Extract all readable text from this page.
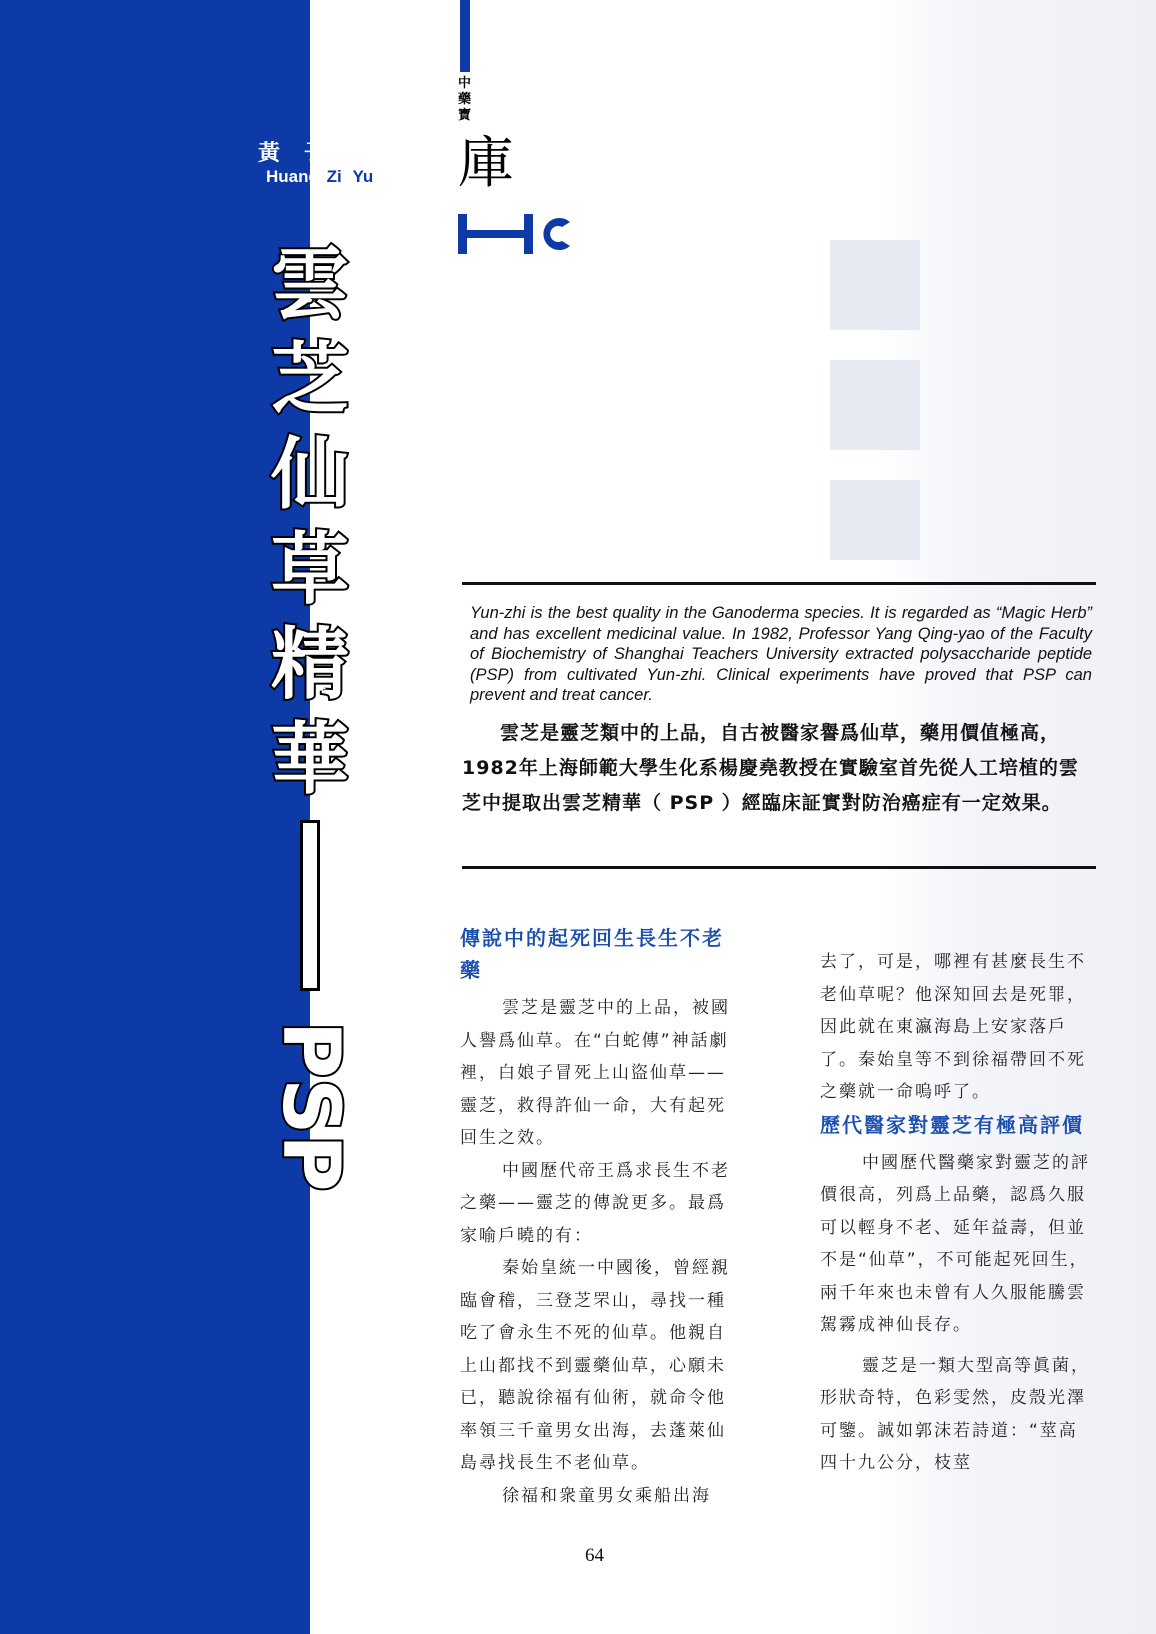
黃子瑜
Huang Zi Yu
雲
芝
仙
草
精
華
PSP
中藥寶
庫
Yun-zhi is the best quality in the Ganoderma species. It is regarded as “Magic Herb” and has excellent medicinal value. In 1982, Professor Yang Qing-yao of the Faculty of Biochemistry of Shanghai Teachers University extracted polysaccharide peptide (PSP) from cultivated Yun-zhi. Clinical experiments have proved that PSP can prevent and treat cancer.
雲芝是靈芝類中的上品，自古被醫家譽爲仙草，藥用價值極高，1982年上海師範大學生化系楊慶堯教授在實驗室首先從人工培植的雲芝中提取出雲芝精華（ PSP ）經臨床証實對防治癌症有一定效果。
傳說中的起死回生長生不老藥

雲芝是靈芝中的上品，被國人譽爲仙草。在“白蛇傳”神話劇裡，白娘子冒死上山盜仙草——靈芝，救得許仙一命，大有起死回生之效。

中國歷代帝王爲求長生不老之藥——靈芝的傳說更多。最爲家喻戶曉的有：

秦始皇統一中國後，曾經親臨會稽，三登芝罘山，尋找一種吃了會永生不死的仙草。他親自上山都找不到靈藥仙草，心願未已，聽說徐福有仙術，就命令他率領三千童男女出海，去蓬萊仙島尋找長生不老仙草。

徐福和衆童男女乘船出海

去了，可是，哪裡有甚麼長生不老仙草呢？他深知回去是死罪，因此就在東瀛海島上安家落戶了。秦始皇等不到徐福帶回不死之藥就一命嗚呼了。

歷代醫家對靈芝有極高評價

中國歷代醫藥家對靈芝的評價很高，列爲上品藥，認爲久服可以輕身不老、延年益壽，但並不是“仙草”，不可能起死回生，兩千年來也未曾有人久服能騰雲駕霧成神仙長存。

靈芝是一類大型高等眞菌，形狀奇特，色彩雯然，皮殼光澤可鑒。誠如郭沫若詩道：“莖高四十九公分，枝莖

64
